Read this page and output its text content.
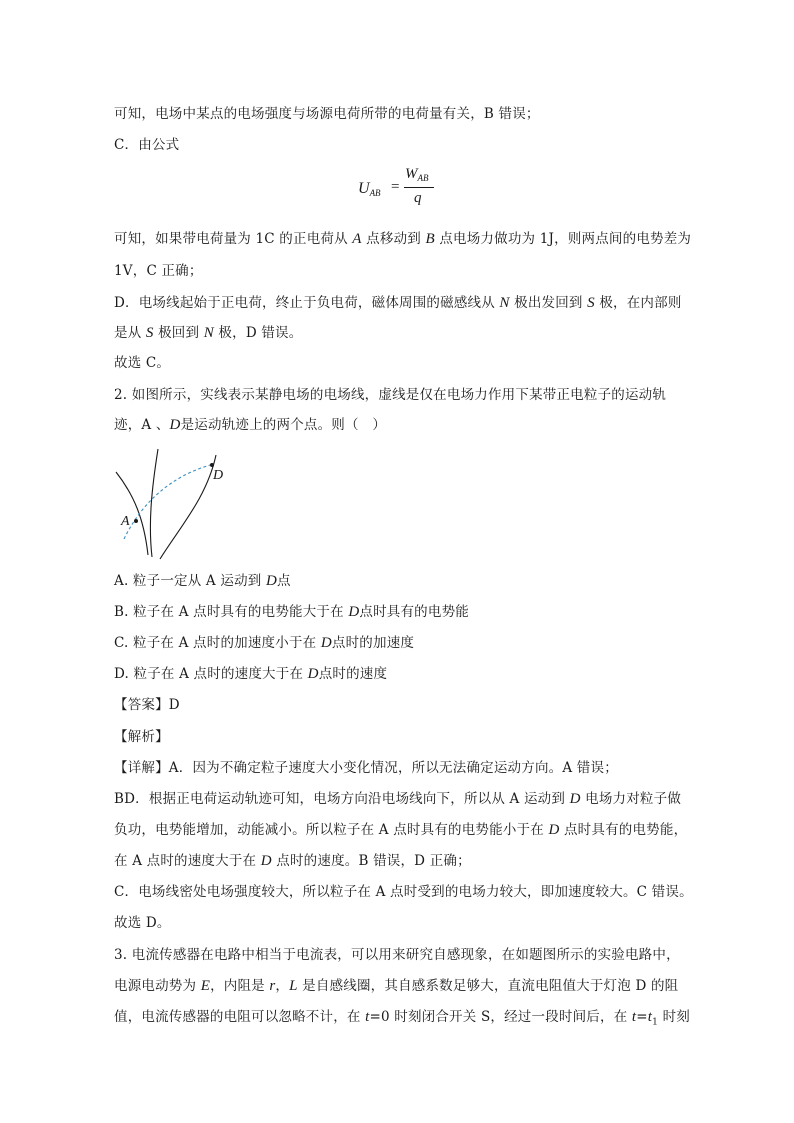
可知，电场中某点的电场强度与场源电荷所带的电荷量有关，B 错误；
C．由公式
$U_{AB}$ =
$W_{AB}$
q
可知，如果带电荷量为 1C 的正电荷从 A 点移动到 B 点电场力做功为 1J，则两点间的电势差为
1V，C 正确；
D．电场线起始于正电荷，终止于负电荷，磁体周围的磁感线从 N 极出发回到 S 极，在内部则
是从 S 极回到 N 极，D 错误。
故选 C。
2. 如图所示，实线表示某静电场的电场线，虚线是仅在电场力作用下某带正电粒子的运动轨
迹，A 、D是运动轨迹上的两个点。则（　）
A
D
A. 粒子一定从 A 运动到 D点
B. 粒子在 A 点时具有的电势能大于在 D点时具有的电势能
C. 粒子在 A 点时的加速度小于在 D点时的加速度
D. 粒子在 A 点时的速度大于在 D点时的速度
【答案】D
【解析】
【详解】A．因为不确定粒子速度大小变化情况，所以无法确定运动方向。A 错误；
BD．根据正电荷运动轨迹可知，电场方向沿电场线向下，所以从 A 运动到 D 电场力对粒子做
负功，电势能增加，动能减小。所以粒子在 A 点时具有的电势能小于在 D 点时具有的电势能，
在 A 点时的速度大于在 D 点时的速度。B 错误，D 正确；
C．电场线密处电场强度较大，所以粒子在 A 点时受到的电场力较大，即加速度较大。C 错误。
故选 D。
3. 电流传感器在电路中相当于电流表，可以用来研究自感现象，在如题图所示的实验电路中，
电源电动势为 E，内阻是 r，L 是自感线圈，其自感系数足够大，直流电阻值大于灯泡 D 的阻
值，电流传感器的电阻可以忽略不计，在 t=0 时刻闭合开关 S，经过一段时间后，在 $t=t_1$ 时刻
